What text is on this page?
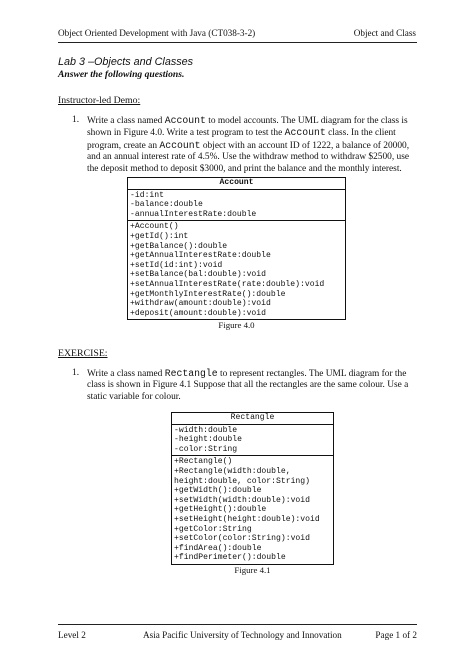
Object Oriented Development with Java (CT038-3-2)	Object and Class
Lab 3 –Objects and Classes
Answer the following questions.
Instructor-led Demo:
1. Write a class named Account to model accounts. The UML diagram for the class is shown in Figure 4.0. Write a test program to test the Account class. In the client program, create an Account object with an account ID of 1222, a balance of 20000, and an annual interest rate of 4.5%. Use the withdraw method to withdraw $2500, use the deposit method to deposit $3000, and print the balance and the monthly interest.
Account
-id:int
-balance:double
-annualInterestRate:double
+Account()
+getId():int
+getBalance():double
+getAnnualInterestRate:double
+setId(id:int):void
+setBalance(bal:double):void
+setAnnualInterestRate(rate:double):void
+getMonthlyInterestRate():double
+withdraw(amount:double):void
+deposit(amount:double):void
Figure 4.0
EXERCISE:
1. Write a class named Rectangle to represent rectangles. The UML diagram for the class is shown in Figure 4.1 Suppose that all the rectangles are the same colour. Use a static variable for colour.
Rectangle
-width:double
-height:double
-color:String
+Rectangle()
+Rectangle(width:double,
height:double, color:String)
+getWidth():double
+setWidth(width:double):void
+getHeight():double
+setHeight(height:double):void
+getColor:String
+setColor(color:String):void
+findArea():double
+findPerimeter():double
Figure 4.1
Level 2	Asia Pacific University of Technology and Innovation	Page 1 of 2
